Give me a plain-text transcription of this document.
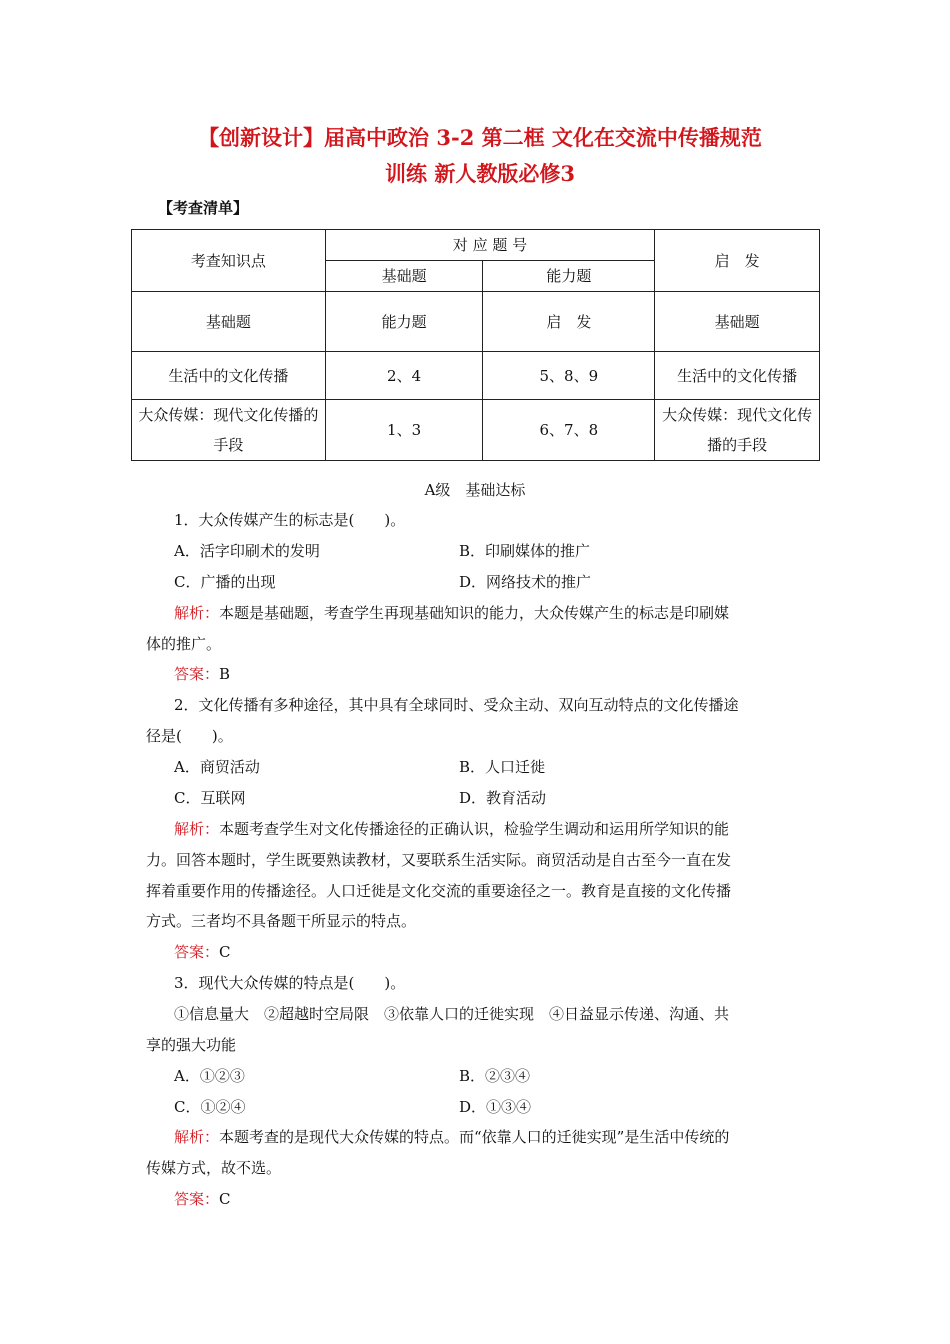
【创新设计】届高中政治 3-2 第二框 文化在交流中传播规范
训练 新人教版必修3
【考查清单】
考查知识点	对 应 题 号		启　发
	基础题	能力题	
基础题	能力题	启　发	基础题
生活中的文化传播	2、4	5、8、9	生活中的文化传播
大众传媒：现代文化传播的手段	1、3	6、7、8	大众传媒：现代文化传播的手段
A级　基础达标
1．大众传媒产生的标志是(　　)。
A．活字印刷术的发明	B．印刷媒体的推广
C．广播的出现	D．网络技术的推广
解析：本题是基础题，考查学生再现基础知识的能力，大众传媒产生的标志是印刷媒
体的推广。
答案：B
2．文化传播有多种途径，其中具有全球同时、受众主动、双向互动特点的文化传播途
径是(　　)。
A．商贸活动	B．人口迁徙
C．互联网	D．教育活动
解析：本题考查学生对文化传播途径的正确认识，检验学生调动和运用所学知识的能
力。回答本题时，学生既要熟读教材，又要联系生活实际。商贸活动是自古至今一直在发
挥着重要作用的传播途径。人口迁徙是文化交流的重要途径之一。教育是直接的文化传播
方式。三者均不具备题干所显示的特点。
答案：C
3．现代大众传媒的特点是(　　)。
①信息量大　②超越时空局限　③依靠人口的迁徙实现　④日益显示传递、沟通、共
享的强大功能
A．①②③	B．②③④
C．①②④	D．①③④
解析：本题考查的是现代大众传媒的特点。而“依靠人口的迁徙实现”是生活中传统的
传媒方式，故不选。
答案：C
